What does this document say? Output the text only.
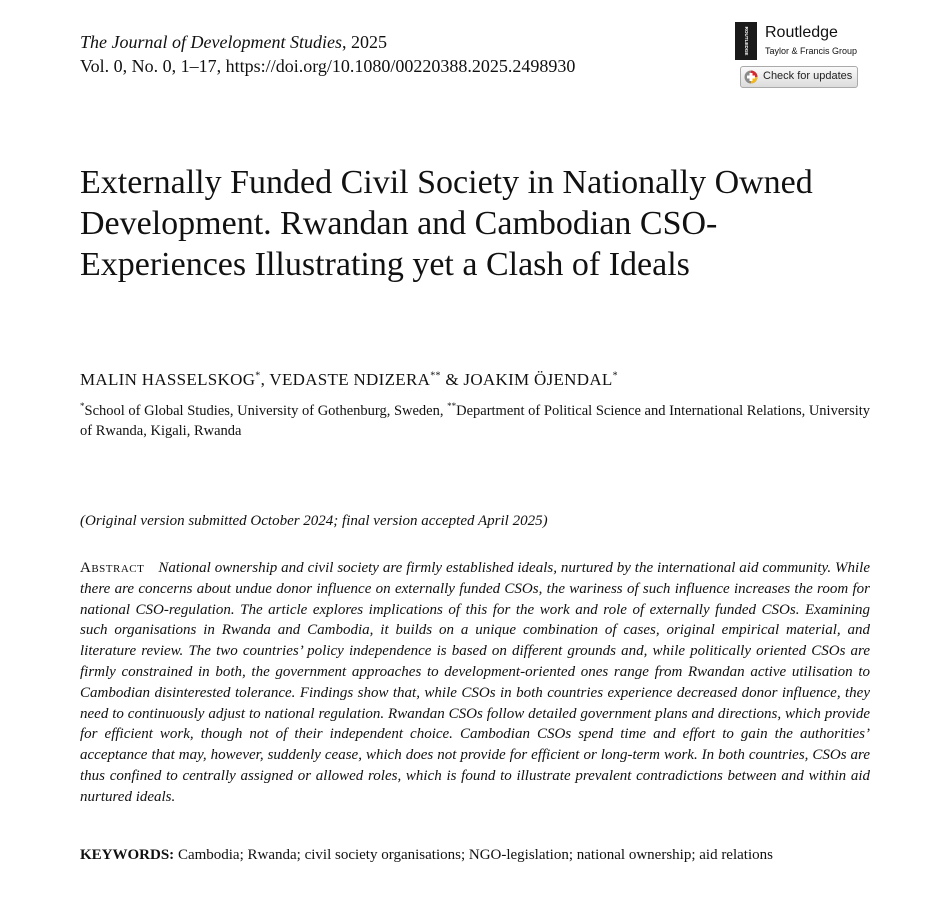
The Journal of Development Studies, 2025
Vol. 0, No. 0, 1–17, https://doi.org/10.1080/00220388.2025.2498930
ROUTLEDGE Routledge
Taylor & Francis Group
Check for updates
Externally Funded Civil Society in Nationally Owned Development. Rwandan and Cambodian CSO-Experiences Illustrating yet a Clash of Ideals
MALIN HASSELSKOG*, VEDASTE NDIZERA** & JOAKIM ÖJENDAL*
*School of Global Studies, University of Gothenburg, Sweden, **Department of Political Science and International Relations, University of Rwanda, Kigali, Rwanda
(Original version submitted October 2024; final version accepted April 2025)

Abstract National ownership and civil society are firmly established ideals, nurtured by the international aid community. While there are concerns about undue donor influence on externally funded CSOs, the wariness of such influence increases the room for national CSO-regulation. The article explores implications of this for the work and role of externally funded CSOs. Examining such organisations in Rwanda and Cambodia, it builds on a unique combination of cases, original empirical material, and literature review. The two countries’ policy independence is based on different grounds and, while politically oriented CSOs are firmly constrained in both, the government approaches to development-oriented ones range from Rwandan active utilisation to Cambodian disinterested tolerance. Findings show that, while CSOs in both countries experience decreased donor influence, they need to continuously adjust to national regulation. Rwandan CSOs follow detailed government plans and directions, which provide for efficient work, though not of their independent choice. Cambodian CSOs spend time and effort to gain the authorities’ acceptance that may, however, suddenly cease, which does not provide for efficient or long-term work. In both countries, CSOs are thus confined to centrally assigned or allowed roles, which is found to illustrate prevalent contradictions between and within aid nurtured ideals.

KEYWORDS: Cambodia; Rwanda; civil society organisations; NGO-legislation; national ownership; aid relations
